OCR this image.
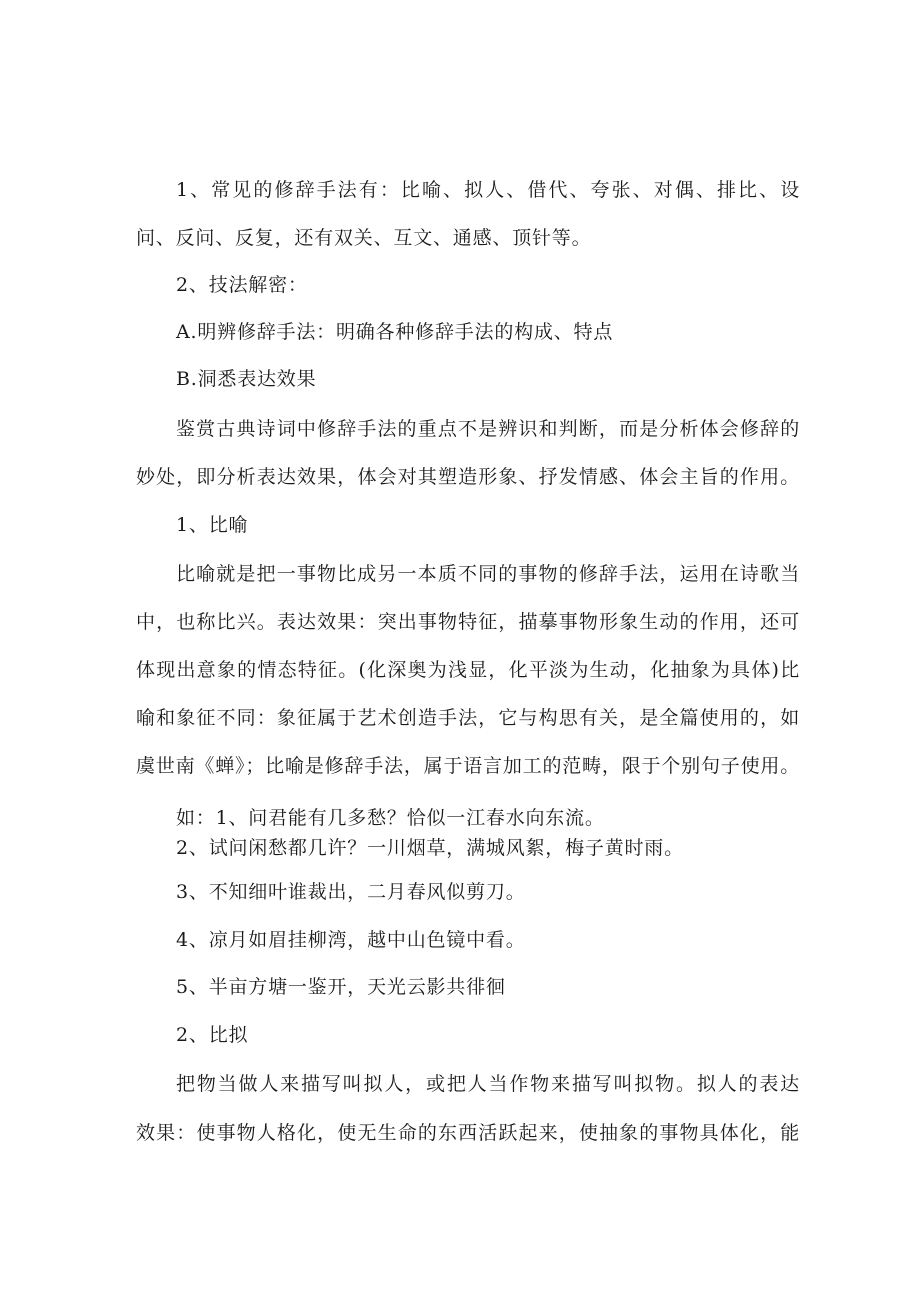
1、常见的修辞手法有：比喻、拟人、借代、夸张、对偶、排比、设
问、反问、反复，还有双关、互文、通感、顶针等。
2、技法解密：
A.明辨修辞手法：明确各种修辞手法的构成、特点
B.洞悉表达效果
鉴赏古典诗词中修辞手法的重点不是辨识和判断，而是分析体会修辞的
妙处，即分析表达效果，体会对其塑造形象、抒发情感、体会主旨的作用。
1、比喻
比喻就是把一事物比成另一本质不同的事物的修辞手法，运用在诗歌当
中，也称比兴。表达效果：突出事物特征，描摹事物形象生动的作用，还可
体现出意象的情态特征。(化深奥为浅显，化平淡为生动，化抽象为具体)比
喻和象征不同：象征属于艺术创造手法，它与构思有关，是全篇使用的，如
虞世南《蝉》；比喻是修辞手法，属于语言加工的范畴，限于个别句子使用。
如：1、问君能有几多愁？恰似一江春水向东流。
2、试问闲愁都几许？一川烟草，满城风絮，梅子黄时雨。
3、不知细叶谁裁出，二月春风似剪刀。
4、凉月如眉挂柳湾，越中山色镜中看。
5、半亩方塘一鉴开，天光云影共徘徊
2、比拟
把物当做人来描写叫拟人，或把人当作物来描写叫拟物。拟人的表达
效果：使事物人格化，使无生命的东西活跃起来，使抽象的事物具体化，能
